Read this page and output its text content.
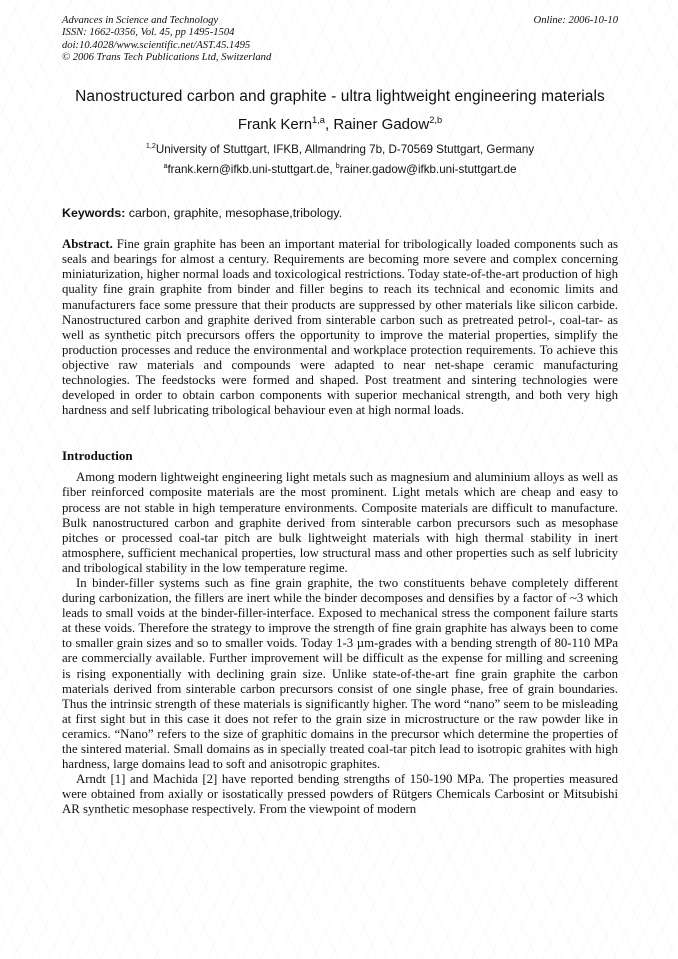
Advances in Science and Technology
ISSN: 1662-0356, Vol. 45, pp 1495-1504
doi:10.4028/www.scientific.net/AST.45.1495
© 2006 Trans Tech Publications Ltd, Switzerland
Online: 2006-10-10
Nanostructured carbon and graphite - ultra lightweight engineering materials
Frank Kern$^{1,a}$, Rainer Gadow$^{2,b}$
$^{1,2}$University of Stuttgart, IFKB, Allmandring 7b, D-70569 Stuttgart, Germany
$^a$frank.kern@ifkb.uni-stuttgart.de, $^b$rainer.gadow@ifkb.uni-stuttgart.de
Keywords: carbon, graphite, mesophase,tribology.

Abstract. Fine grain graphite has been an important material for tribologically loaded components such as seals and bearings for almost a century. Requirements are becoming more severe and complex concerning miniaturization, higher normal loads and toxicological restrictions. Today state-of-the-art production of high quality fine grain graphite from binder and filler begins to reach its technical and economic limits and manufacturers face some pressure that their products are suppressed by other materials like silicon carbide. Nanostructured carbon and graphite derived from sinterable carbon such as pretreated petrol-, coal-tar- as well as synthetic pitch precursors offers the opportunity to improve the material properties, simplify the production processes and reduce the environmental and workplace protection requirements. To achieve this objective raw materials and compounds were adapted to near net-shape ceramic manufacturing technologies. The feedstocks were formed and shaped. Post treatment and sintering technologies were developed in order to obtain carbon components with superior mechanical strength, and both very high hardness and self lubricating tribological behaviour even at high normal loads.

Introduction

Among modern lightweight engineering light metals such as magnesium and aluminium alloys as well as fiber reinforced composite materials are the most prominent. Light metals which are cheap and easy to process are not stable in high temperature environments. Composite materials are difficult to manufacture. Bulk nanostructured carbon and graphite derived from sinterable carbon precursors such as mesophase pitches or processed coal-tar pitch are bulk lightweight materials with high thermal stability in inert atmosphere, sufficient mechanical properties, low structural mass and other properties such as self lubricity and tribological stability in the low temperature regime.

In binder-filler systems such as fine grain graphite, the two constituents behave completely different during carbonization, the fillers are inert while the binder decomposes and densifies by a factor of ~3 which leads to small voids at the binder-filler-interface. Exposed to mechanical stress the component failure starts at these voids. Therefore the strategy to improve the strength of fine grain graphite has always been to come to smaller grain sizes and so to smaller voids. Today 1-3 µm-grades with a bending strength of 80-110 MPa are commercially available. Further improvement will be difficult as the expense for milling and screening is rising exponentially with declining grain size. Unlike state-of-the-art fine grain graphite the carbon materials derived from sinterable carbon precursors consist of one single phase, free of grain boundaries. Thus the intrinsic strength of these materials is significantly higher. The word “nano” seem to be misleading at first sight but in this case it does not refer to the grain size in microstructure or the raw powder like in ceramics. “Nano” refers to the size of graphitic domains in the precursor which determine the properties of the sintered material. Small domains as in specially treated coal-tar pitch lead to isotropic grahites with high hardness, large domains lead to soft and anisotropic graphites.

Arndt [1] and Machida [2] have reported bending strengths of 150-190 MPa. The properties measured were obtained from axially or isostatically pressed powders of Rütgers Chemicals Carbosint or Mitsubishi AR synthetic mesophase respectively. From the viewpoint of modern
